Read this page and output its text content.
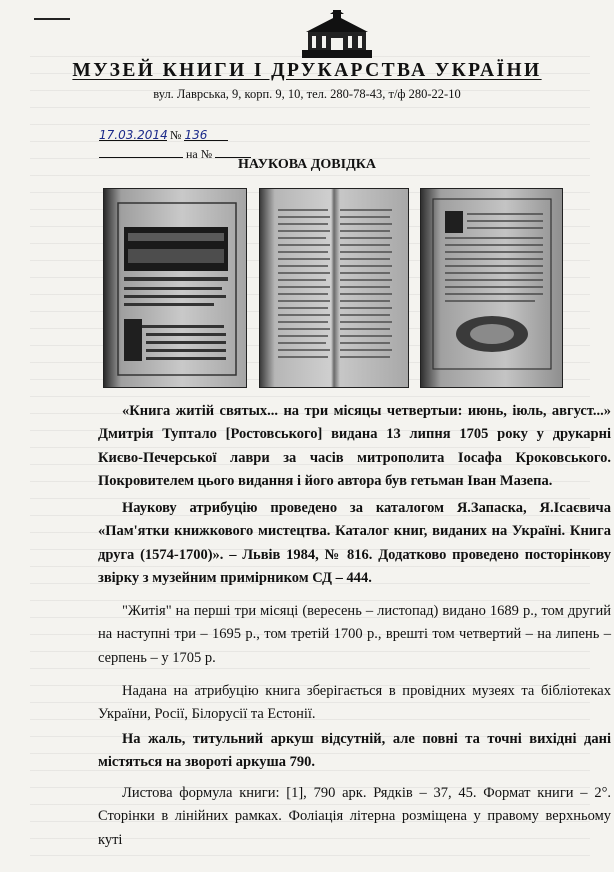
МУЗЕЙ КНИГИ І ДРУКАРСТВА УКРАЇНИ
вул. Лаврська, 9, корп. 9, 10, тел. 280-78-43, т/ф 280-22-10
17.03.2014 № 136
на №
НАУКОВА ДОВІДКА

«Книга житій святых... на три місяцы четвертыи: июнь, іюль, август...» Дмитрія Туптало [Ростовського] видана 13 липня 1705 року у друкарні Києво-Печерської лаври за часів митрополита Іосафа Кроковського. Покровителем цього видання і його автора був гетьман Іван Мазепа.

Наукову атрибуцію проведено за каталогом Я.Запаска, Я.Ісаєвича «Пам'ятки книжкового мистецтва. Каталог книг, виданих на Україні. Книга друга (1574-1700)». – Львів 1984, № 816. Додатково проведено посторінкову звірку з музейним примірником СД – 444.

"Житія" на перші три місяці (вересень – листопад) видано 1689 р., том другий на наступні три – 1695 р., том третій 1700 р., врешті том четвертий – на липень – серпень – у 1705 р.

Надана на атрибуцію книга зберігається в провідних музеях та бібліотеках України, Росії, Білорусії та Естонії.

На жаль, титульний аркуш відсутній, але повні та точні вихідні дані містяться на звороті аркуша 790.

Листова формула книги: [1], 790 арк. Рядків – 37, 45. Формат книги – 2°. Сторінки в лінійних рамках. Фоліація літерна розміщена у правому верхньому куті
